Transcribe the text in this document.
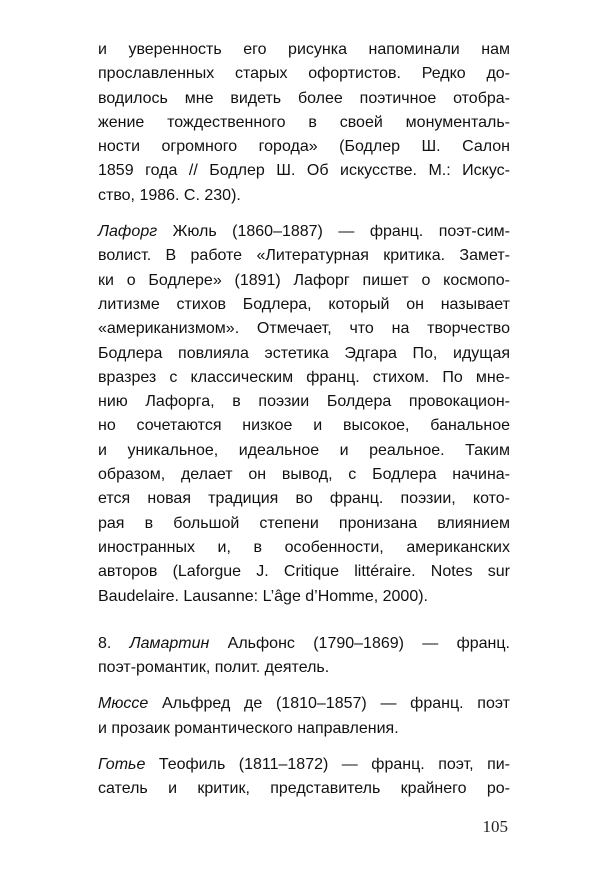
и уверенность его рисунка напоминали нам
прославленных старых офортистов. Редко до-
водилось мне видеть более поэтичное отобра-
жение тождественного в своей монументаль-
ности огромного города» (Бодлер Ш. Салон
1859 года // Бодлер Ш. Об искусстве. М.: Искус-
ство, 1986. С. 230).

Лафорг Жюль (1860–1887) — франц. поэт-сим-
волист. В работе «Литературная критика. Замет-
ки о Бодлере» (1891) Лафорг пишет о космопо-
литизме стихов Бодлера, который он называет
«американизмом». Отмечает, что на творчество
Бодлера повлияла эстетика Эдгара По, идущая
вразрез с классическим франц. стихом. По мне-
нию Лафорга, в поэзии Болдера провокацион-
но сочетаются низкое и высокое, банальное
и уникальное, идеальное и реальное. Таким
образом, делает он вывод, с Бодлера начина-
ется новая традиция во франц. поэзии, кото-
рая в большой степени пронизана влиянием
иностранных и, в особенности, американских
авторов (Laforgue J. Critique littéraire. Notes sur
Baudelaire. Lausanne: L’âge d’Homme, 2000).

8. Ламартин Альфонс (1790–1869) — франц.
поэт-романтик, полит. деятель.

Мюссе Альфред де (1810–1857) — франц. поэт
и прозаик романтического направления.

Готье Теофиль (1811–1872) — франц. поэт, пи-
сатель и критик, представитель крайнего ро-

105
